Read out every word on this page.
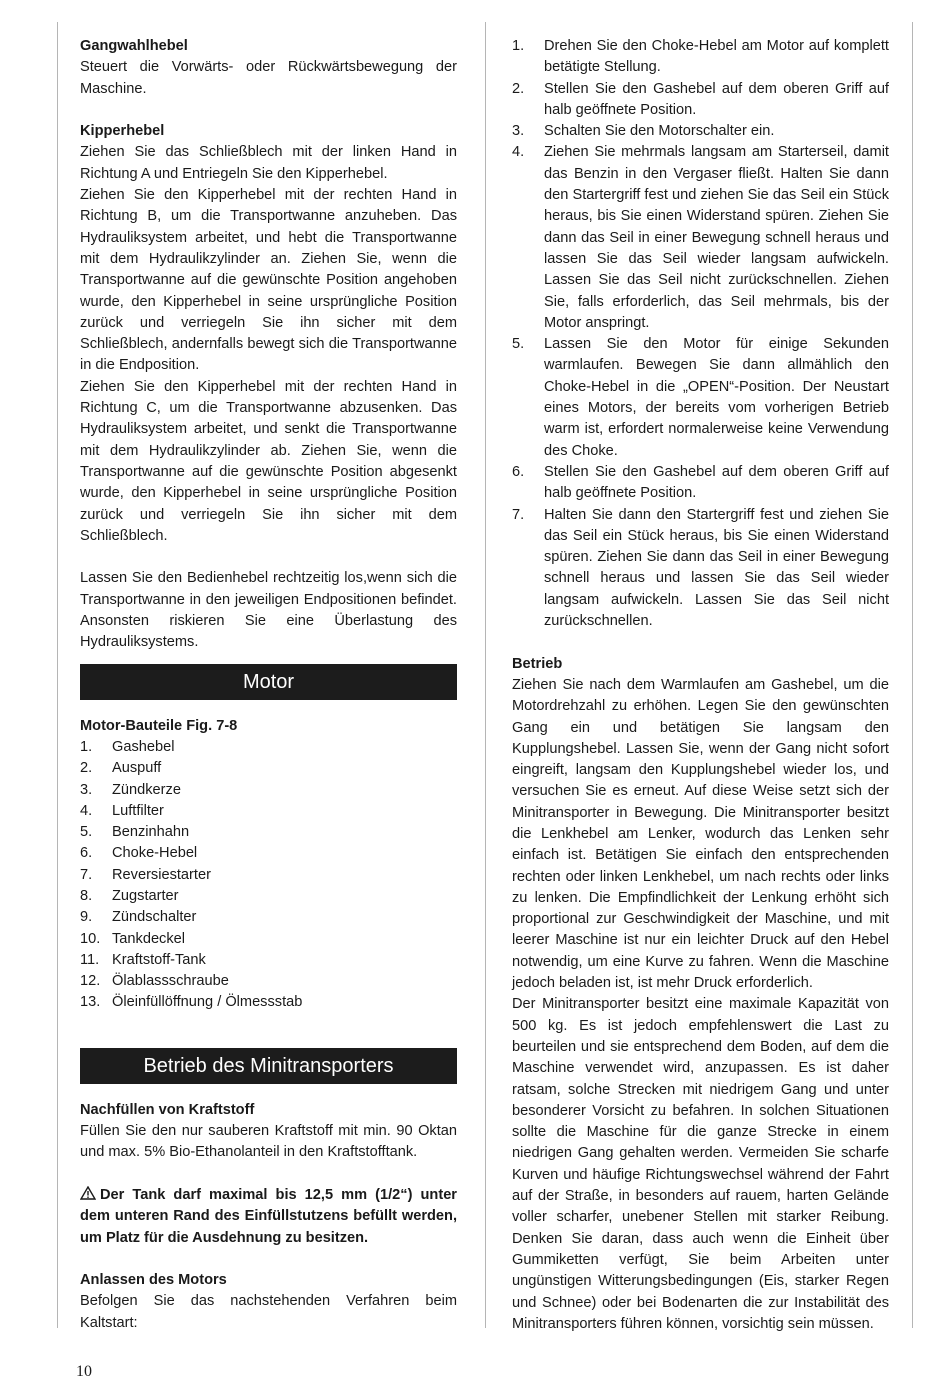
Gangwahlhebel
Steuert die Vorwärts- oder Rückwärtsbewegung der Maschine.
Kipperhebel
Ziehen Sie das Schließblech mit der linken Hand in Richtung A und Entriegeln Sie den Kipperhebel.
Ziehen Sie den Kipperhebel mit der rechten Hand in Richtung B, um die Transportwanne anzuheben. Das Hydrauliksystem arbeitet, und hebt die Transportwanne mit dem Hydraulikzylinder an. Ziehen Sie, wenn die Transportwanne auf die gewünschte Position angehoben wurde, den Kipperhebel in seine ursprüngliche Position zurück und verriegeln Sie ihn sicher mit dem Schließblech, andernfalls bewegt sich die Transportwanne in die Endposition.
Ziehen Sie den Kipperhebel mit der rechten Hand in Richtung C, um die Transportwanne abzusenken. Das Hydrauliksystem arbeitet, und senkt die Transportwanne mit dem Hydraulikzylinder ab. Ziehen Sie, wenn die Transportwanne auf die gewünschte Position abgesenkt wurde, den Kipperhebel in seine ursprüngliche Position zurück und verriegeln Sie ihn sicher mit dem Schließblech.
Lassen Sie den Bedienhebel rechtzeitig los,wenn sich die Transportwanne in den jeweiligen Endpositionen befindet. Ansonsten riskieren Sie eine Überlastung des Hydrauliksystems.
Motor
Motor-Bauteile Fig. 7-8
1.	Gashebel
2.	Auspuff
3.	Zündkerze
4.	Luftfilter
5.	Benzinhahn
6.	Choke-Hebel
7.	Reversiestarter
8.	Zugstarter
9.	Zündschalter
10. Tankdeckel
11. Kraftstoff-Tank
12. Ölablassschraube
13. Öleinfüllöffnung / Ölmessstab
Betrieb des Minitransporters
Nachfüllen von Kraftstoff
Füllen Sie den nur sauberen Kraftstoff mit min. 90 Oktan und max. 5% Bio-Ethanolanteil in den Kraftstofftank.
Der Tank darf maximal bis 12,5 mm (1/2“) unter dem unteren Rand des Einfüllstutzens befüllt werden, um Platz für die Ausdehnung zu besitzen.
Anlassen des Motors
Befolgen Sie das nachstehenden Verfahren beim Kaltstart:
1.	Drehen Sie den Choke-Hebel am Motor auf komplett betätigte Stellung.
2.	Stellen Sie den Gashebel auf dem oberen Griff auf halb geöffnete Position.
3.	Schalten Sie den Motorschalter ein.
4.	Ziehen Sie mehrmals langsam am Starterseil, damit das Benzin in den Vergaser fließt. Halten Sie dann den Startergriff fest und ziehen Sie das Seil ein Stück heraus, bis Sie einen Widerstand spüren. Ziehen Sie dann das Seil in einer Bewegung schnell heraus und lassen Sie das Seil wieder langsam aufwickeln. Lassen Sie das Seil nicht zurückschnellen. Ziehen Sie, falls erforderlich, das Seil mehrmals, bis der Motor anspringt.
5.	Lassen Sie den Motor für einige Sekunden warmlaufen. Bewegen Sie dann allmählich den Choke-Hebel in die „OPEN“-Position. Der Neustart eines Motors, der bereits vom vorherigen Betrieb warm ist, erfordert normalerweise keine Verwendung des Choke.
6.	Stellen Sie den Gashebel auf dem oberen Griff auf halb geöffnete Position.
7.	Halten Sie dann den Startergriff fest und ziehen Sie das Seil ein Stück heraus, bis Sie einen Widerstand spüren. Ziehen Sie dann das Seil in einer Bewegung schnell heraus und lassen Sie das Seil wieder langsam aufwickeln. Lassen Sie das Seil nicht zurückschnellen.
Betrieb
Ziehen Sie nach dem Warmlaufen am Gashebel, um die Motordrehzahl zu erhöhen. Legen Sie den gewünschten Gang ein und betätigen Sie langsam den Kupplungshebel. Lassen Sie, wenn der Gang nicht sofort eingreift, langsam den Kupplungshebel wieder los, und versuchen Sie es erneut. Auf diese Weise setzt sich der Minitransporter in Bewegung. Die Minitransporter besitzt die Lenkhebel am Lenker, wodurch das Lenken sehr einfach ist. Betätigen Sie einfach den entsprechenden rechten oder linken Lenkhebel, um nach rechts oder links zu lenken. Die Empfindlichkeit der Lenkung erhöht sich proportional zur Geschwindigkeit der Maschine, und mit leerer Maschine ist nur ein leichter Druck auf den Hebel notwendig, um eine Kurve zu fahren. Wenn die Maschine jedoch beladen ist, ist mehr Druck erforderlich.
Der Minitransporter besitzt eine maximale Kapazität von 500 kg. Es ist jedoch empfehlenswert die Last zu beurteilen und sie entsprechend dem Boden, auf dem die Maschine verwendet wird, anzupassen. Es ist daher ratsam, solche Strecken mit niedrigem Gang und unter besonderer Vorsicht zu befahren. In solchen Situationen sollte die Maschine für die ganze Strecke in einem niedrigen Gang gehalten werden. Vermeiden Sie scharfe Kurven und häufige Richtungswechsel während der Fahrt auf der Straße, in besonders auf rauem, harten Gelände voller scharfer, unebener Stellen mit starker Reibung. Denken Sie daran, dass auch wenn die Einheit über Gummiketten verfügt, Sie beim Arbeiten unter ungünstigen Witterungsbedingungen (Eis, starker Regen und Schnee) oder bei Bodenarten die zur Instabilität des Minitransporters führen können, vorsichtig sein müssen.
10
